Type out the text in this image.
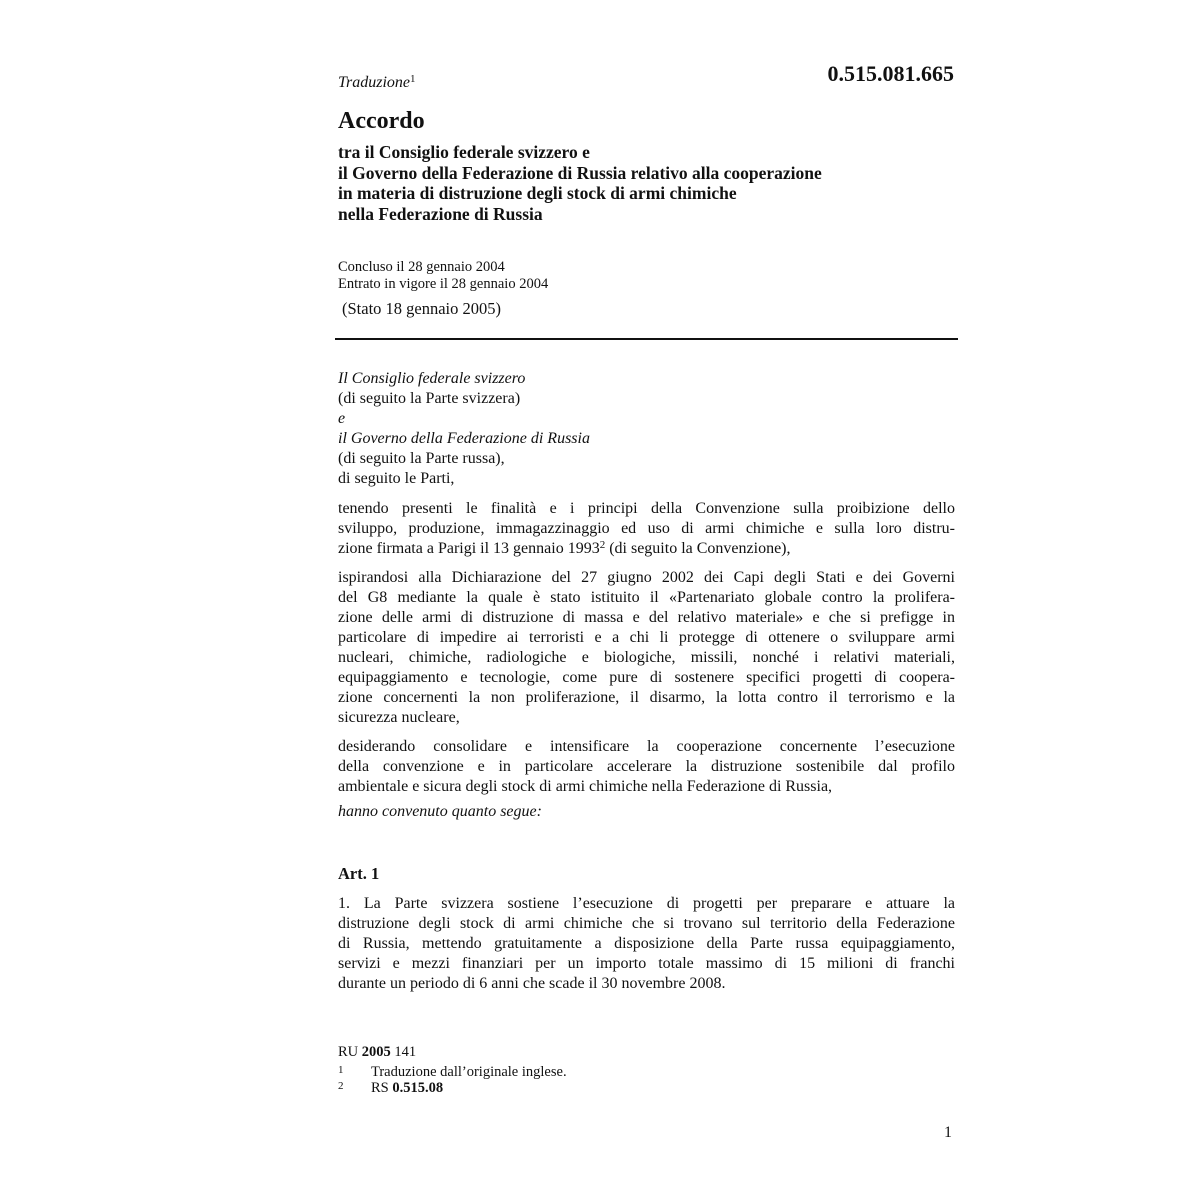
Traduzione$^1$	0.515.081.665
Accordo
tra il Consiglio federale svizzero e
il Governo della Federazione di Russia relativo alla cooperazione
in materia di distruzione degli stock di armi chimiche
nella Federazione di Russia
Concluso il 28 gennaio 2004
Entrato in vigore il 28 gennaio 2004
(Stato 18 gennaio 2005)
Il Consiglio federale svizzero
(di seguito la Parte svizzera)
e
il Governo della Federazione di Russia
(di seguito la Parte russa),
di seguito le Parti,
tenendo presenti le finalità e i principi della Convenzione sulla proibizione dello
sviluppo, produzione, immagazzinaggio ed uso di armi chimiche e sulla loro distru-
zione firmata a Parigi il 13 gennaio 1993$^2$ (di seguito la Convenzione),
ispirandosi alla Dichiarazione del 27 giugno 2002 dei Capi degli Stati e dei Governi
del G8 mediante la quale è stato istituito il «Partenariato globale contro la prolifera-
zione delle armi di distruzione di massa e del relativo materiale» e che si prefigge in
particolare di impedire ai terroristi e a chi li protegge di ottenere o sviluppare armi
nucleari, chimiche, radiologiche e biologiche, missili, nonché i relativi materiali,
equipaggiamento e tecnologie, come pure di sostenere specifici progetti di coopera-
zione concernenti la non proliferazione, il disarmo, la lotta contro il terrorismo e la
sicurezza nucleare,
desiderando consolidare e intensificare la cooperazione concernente l’esecuzione
della convenzione e in particolare accelerare la distruzione sostenibile dal profilo
ambientale e sicura degli stock di armi chimiche nella Federazione di Russia,
hanno convenuto quanto segue:
Art. 1
1. La Parte svizzera sostiene l’esecuzione di progetti per preparare e attuare la
distruzione degli stock di armi chimiche che si trovano sul territorio della Federazione
di Russia, mettendo gratuitamente a disposizione della Parte russa equipaggiamento,
servizi e mezzi finanziari per un importo totale massimo di 15 milioni di franchi
durante un periodo di 6 anni che scade il 30 novembre 2008.
RU 2005 141
1	Traduzione dall’originale inglese.
2	RS 0.515.08
1
